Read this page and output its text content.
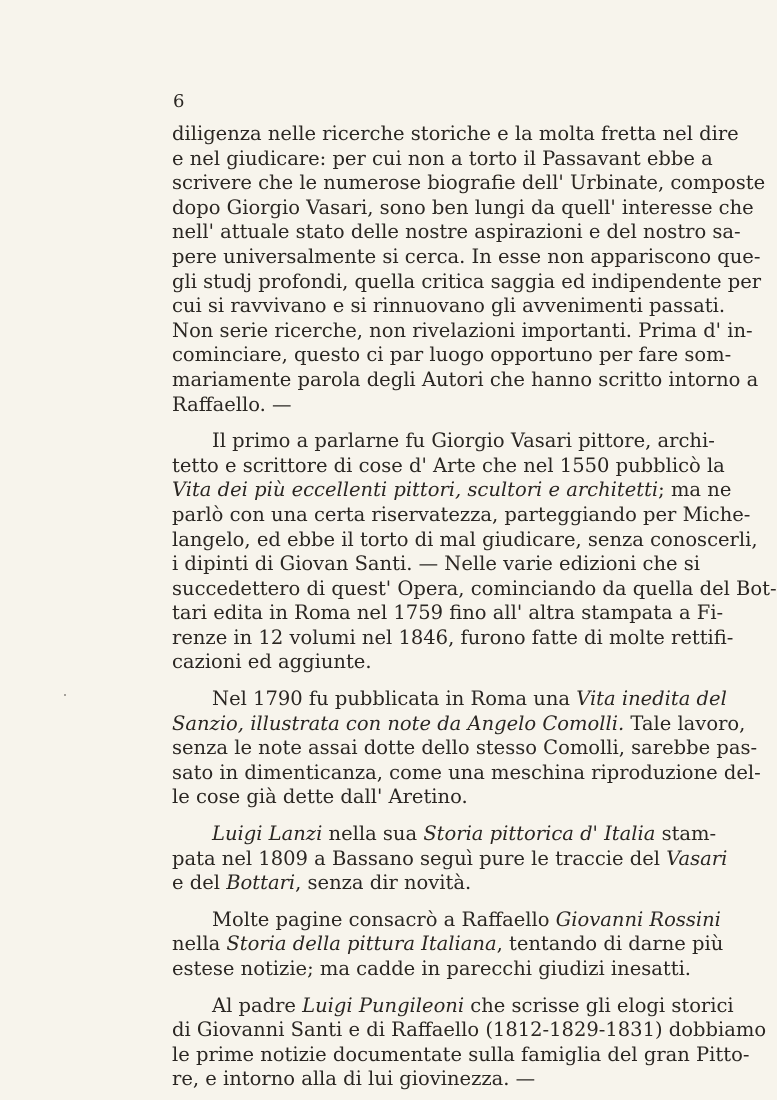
6
diligenza nelle ricerche storiche e la molta fretta nel dire
e nel giudicare: per cui non a torto il Passavant ebbe a
scrivere che le numerose biografie dell' Urbinate, composte
dopo Giorgio Vasari, sono ben lungi da quell' interesse che
nell' attuale stato delle nostre aspirazioni e del nostro sa-
pere universalmente si cerca. In esse non appariscono que-
gli studj profondi, quella critica saggia ed indipendente per
cui si ravvivano e si rinnuovano gli avvenimenti passati.
Non serie ricerche, non rivelazioni importanti. Prima d' in-
cominciare, questo ci par luogo opportuno per fare som-
mariamente parola degli Autori che hanno scritto intorno a
Raffaello. —
Il primo a parlarne fu Giorgio Vasari pittore, archi-
tetto e scrittore di cose d' Arte che nel 1550 pubblicò la
Vita dei più eccellenti pittori, scultori e architetti; ma ne
parlò con una certa riservatezza, parteggiando per Miche-
langelo, ed ebbe il torto di mal giudicare, senza conoscerli,
i dipinti di Giovan Santi. — Nelle varie edizioni che si
succedettero di quest' Opera, cominciando da quella del Bot-
tari edita in Roma nel 1759 fino all' altra stampata a Fi-
renze in 12 volumi nel 1846, furono fatte di molte rettifi-
cazioni ed aggiunte.
Nel 1790 fu pubblicata in Roma una Vita inedita del
Sanzio, illustrata con note da Angelo Comolli. Tale lavoro,
senza le note assai dotte dello stesso Comolli, sarebbe pas-
sato in dimenticanza, come una meschina riproduzione del-
le cose già dette dall' Aretino.
Luigi Lanzi nella sua Storia pittorica d' Italia stam-
pata nel 1809 a Bassano seguì pure le traccie del Vasari
e del Bottari, senza dir novità.
Molte pagine consacrò a Raffaello Giovanni Rossini
nella Storia della pittura Italiana, tentando di darne più
estese notizie; ma cadde in parecchi giudizi inesatti.
Al padre Luigi Pungileoni che scrisse gli elogi storici
di Giovanni Santi e di Raffaello (1812-1829-1831) dobbiamo
le prime notizie documentate sulla famiglia del gran Pitto-
re, e intorno alla di lui giovinezza. —
